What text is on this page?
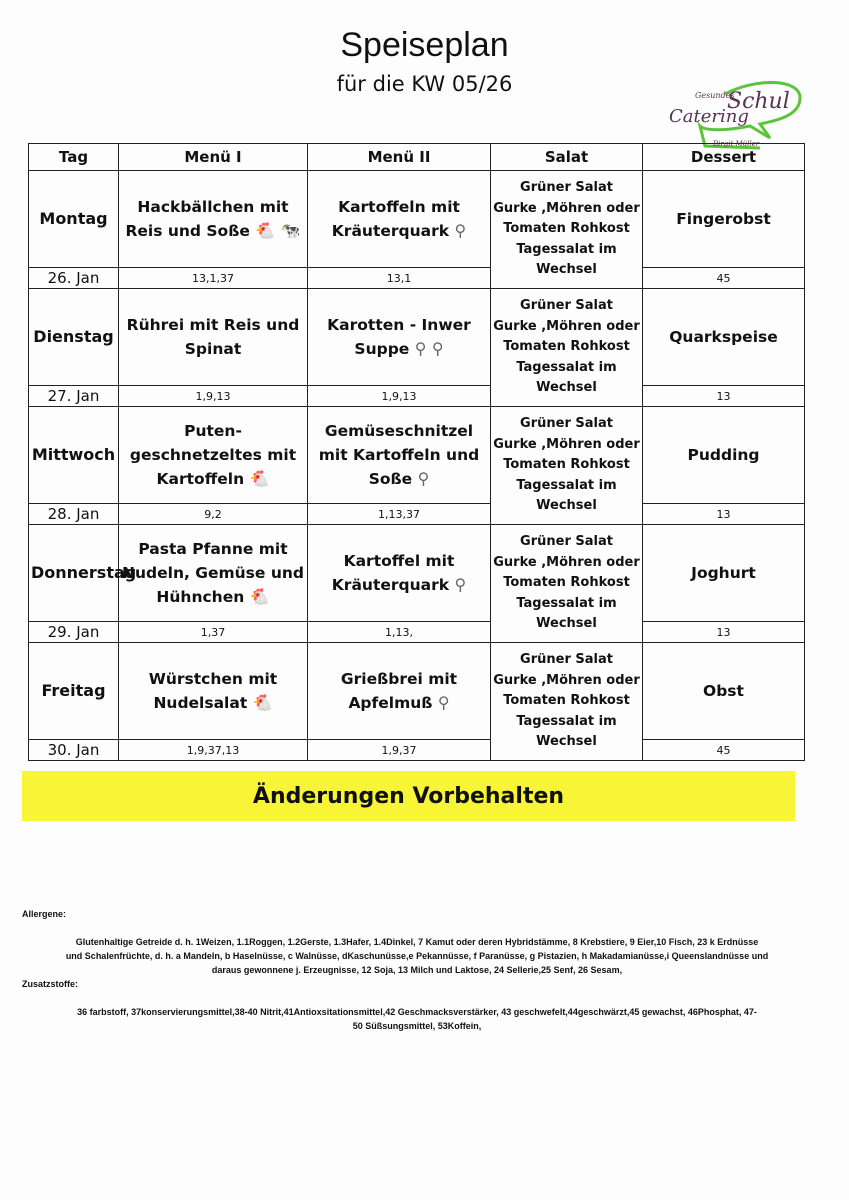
Speiseplan
für die KW 05/26	Gesundes
Schul
Catering
Birgit Müller
Tag	Menü I	Menü II	Salat	Dessert
Montag	Hackbällchen mit Reis und Soße 🐔 🐄	Kartoffeln mit Kräuterquark ⚲	Grüner Salat
Gurke ,Möhren oder
Tomaten Rohkost
Tagessalat im
Wechsel	Fingerobst
26. Jan	13,1,37	13,1		45
Dienstag	Rührei mit Reis und Spinat	Karotten - Inwer Suppe ⚲ ⚲	Grüner Salat
Gurke ,Möhren oder
Tomaten Rohkost
Tagessalat im
Wechsel	Quarkspeise
27. Jan	1,9,13	1,9,13		13
Mittwoch	Puten-geschnetzeltes mit Kartoffeln 🐔	Gemüseschnitzel mit Kartoffeln und Soße ⚲	Grüner Salat
Gurke ,Möhren oder
Tomaten Rohkost
Tagessalat im
Wechsel	Pudding
28. Jan	9,2	1,13,37		13
Donnerstag	Pasta Pfanne mit Nudeln, Gemüse und Hühnchen 🐔	Kartoffel mit Kräuterquark ⚲	Grüner Salat
Gurke ,Möhren oder
Tomaten Rohkost
Tagessalat im
Wechsel	Joghurt
29. Jan	1,37	1,13,		13
Freitag	Würstchen mit Nudelsalat 🐔	Grießbrei mit Apfelmuß ⚲	Grüner Salat
Gurke ,Möhren oder
Tomaten Rohkost
Tagessalat im
Wechsel	Obst
30. Jan	1,9,37,13	1,9,37		45
Änderungen Vorbehalten
Allergene:
Glutenhaltige Getreide d. h. 1Weizen, 1.1Roggen, 1.2Gerste, 1.3Hafer, 1.4Dinkel, 7 Kamut oder deren Hybridstämme, 8 Krebstiere, 9 Eier,10 Fisch, 23 k Erdnüsse
und Schalenfrüchte, d. h. a Mandeln, b Haselnüsse, c Walnüsse, dKaschunüsse,e Pekannüsse, f Paranüsse, g Pistazien, h Makadamianüsse,i Queenslandnüsse und
daraus gewonnene j. Erzeugnisse, 12 Soja, 13 Milch und Laktose, 24 Sellerie,25 Senf, 26 Sesam,
Zusatzstoffe:
36 farbstoff, 37konservierungsmittel,38-40 Nitrit,41Antioxsitationsmittel,42 Geschmacksverstärker, 43 geschwefelt,44geschwärzt,45 gewachst, 46Phosphat, 47-
50 Süßsungsmittel, 53Koffein,
